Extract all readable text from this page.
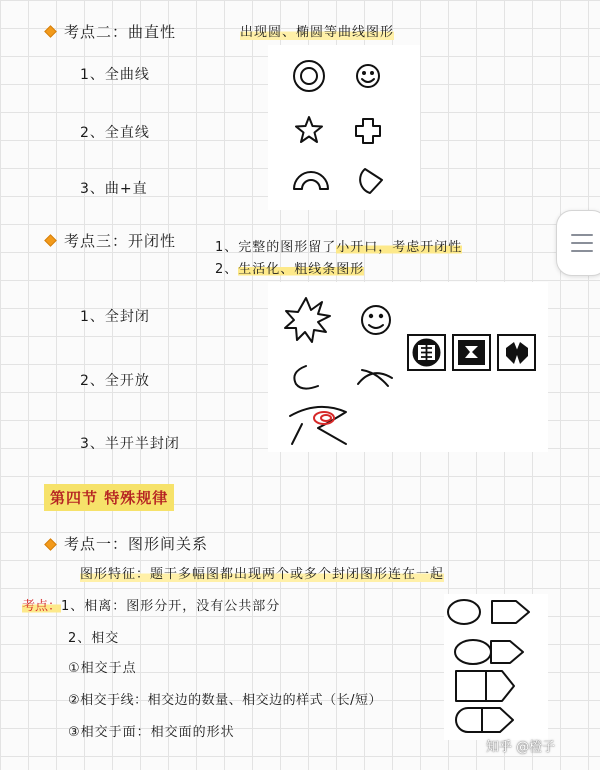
考点二：曲直性	出现圆、椭圆等曲线图形
1、全曲线
2、全直线
3、曲+直
考点三：开闭性	1、完整的图形留了小开口，考虑开闭性
2、生活化、粗线条图形
1、全封闭
2、全开放
3、半开半封闭
第四节 特殊规律
考点一：图形间关系
图形特征：题干多幅图都出现两个或多个封闭图形连在一起
考点：1、相离：图形分开，没有公共部分
2、相交
①相交于点
②相交于线：相交边的数量、相交边的样式（长/短）
③相交于面：相交面的形状
知乎 @橙子
